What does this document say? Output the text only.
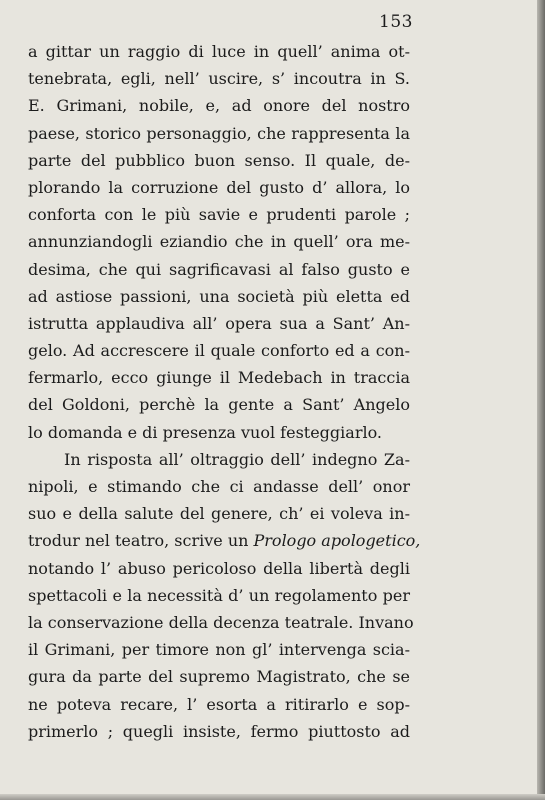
153
a gittar un raggio di luce in quell’ anima ot-
tenebrata, egli, nell’ uscire, s’ incoutra in S.
E. Grimani, nobile, e, ad onore del nostro
paese, storico personaggio, che rappresenta la
parte del pubblico buon senso. Il quale, de-
plorando la corruzione del gusto d’ allora, lo
conforta con le più savie e prudenti parole ;
annunziandogli eziandio che in quell’ ora me-
desima, che qui sagrificavasi al falso gusto e
ad astiose passioni, una società più eletta ed
istrutta applaudiva all’ opera sua a Sant’ An-
gelo. Ad accrescere il quale conforto ed a con-
fermarlo, ecco giunge il Medebach in traccia
del Goldoni, perchè la gente a Sant’ Angelo
lo domanda e di presenza vuol festeggiarlo.
In risposta all’ oltraggio dell’ indegno Za-
nipoli, e stimando che ci andasse dell’ onor
suo e della salute del genere, ch’ ei voleva in-
trodur nel teatro, scrive un Prologo apologetico,
notando l’ abuso pericoloso della libertà degli
spettacoli e la necessità d’ un regolamento per
la conservazione della decenza teatrale. Invano
il Grimani, per timore non gl’ intervenga scia-
gura da parte del supremo Magistrato, che se
ne poteva recare, l’ esorta a ritirarlo e sop-
primerlo ; quegli insiste, fermo piuttosto ad
